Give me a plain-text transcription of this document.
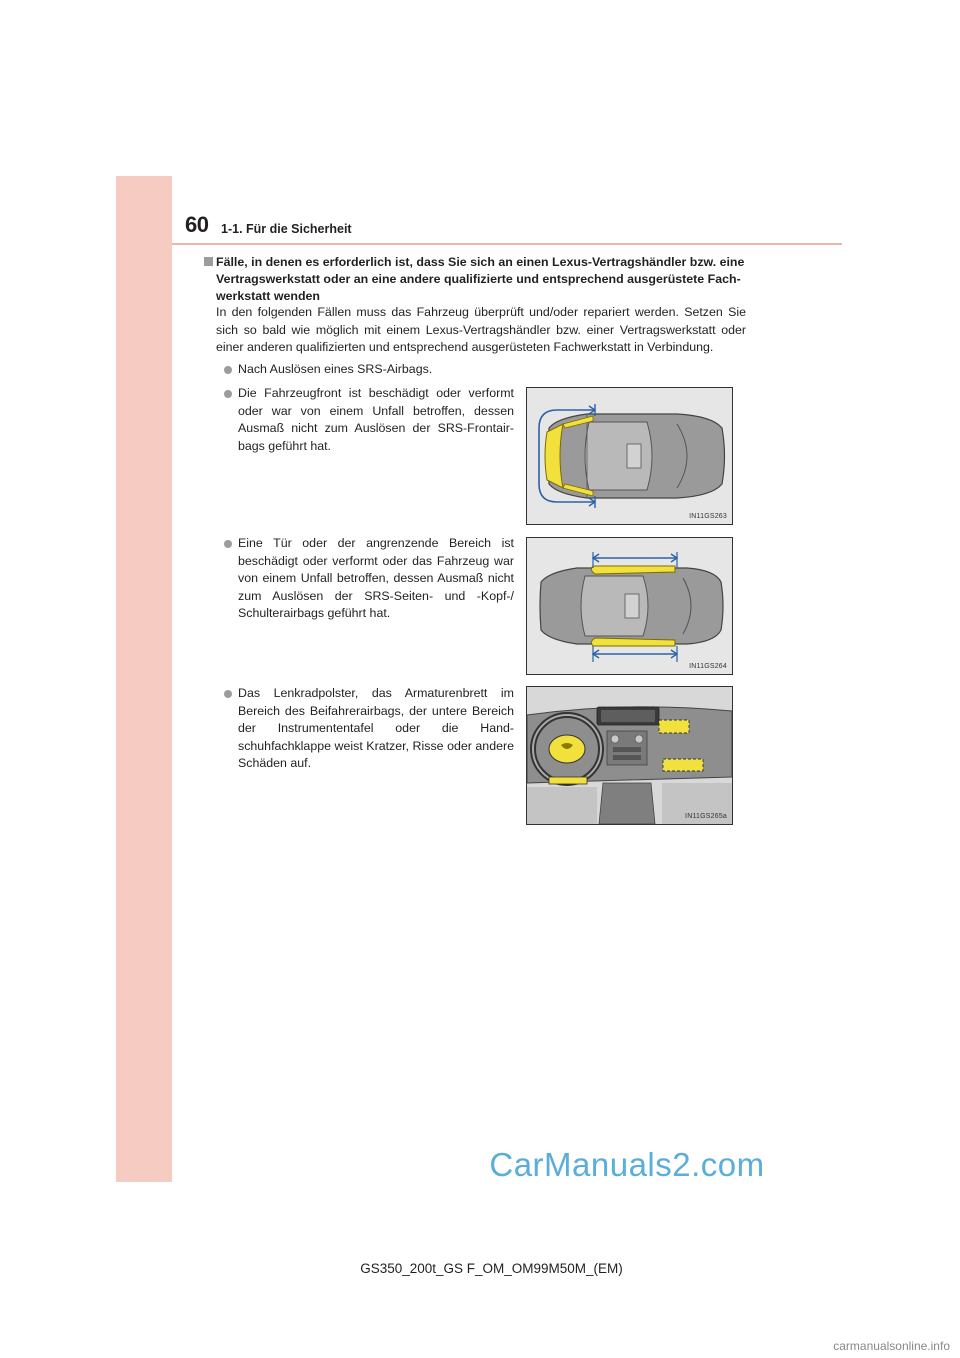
60 1-1. Für die Sicherheit
Fälle, in denen es erforderlich ist, dass Sie sich an einen Lexus-Vertragshändler bzw. eine Vertragswerkstatt oder an eine andere qualifizierte und entsprechend ausgerüstete Fach-werkstatt wenden
In den folgenden Fällen muss das Fahrzeug überprüft und/oder repariert werden. Setzen Sie sich so bald wie möglich mit einem Lexus-Vertragshändler bzw. einer Vertragswerkstatt oder einer anderen qualifizierten und entsprechend ausgerüsteten Fachwerkstatt in Verbindung.
Nach Auslösen eines SRS-Airbags.
Die Fahrzeugfront ist beschädigt oder verformt oder war von einem Unfall betroffen, dessen Ausmaß nicht zum Auslösen der SRS-Frontair-bags geführt hat.
Eine Tür oder der angrenzende Bereich ist beschädigt oder verformt oder das Fahrzeug war von einem Unfall betroffen, dessen Ausmaß nicht zum Auslösen der SRS-Seiten- und -Kopf-/ Schulterairbags geführt hat.
Das Lenkradpolster, das Armaturenbrett im Bereich des Beifahrerairbags, der untere Bereich der Instrumententafel oder die Hand-schuhfachklappe weist Kratzer, Risse oder andere Schäden auf.
IN11GS263
IN11GS264
IN11GS265a
CarManuals2.com
GS350_200t_GS F_OM_OM99M50M_(EM)
carmanualsonline.info
